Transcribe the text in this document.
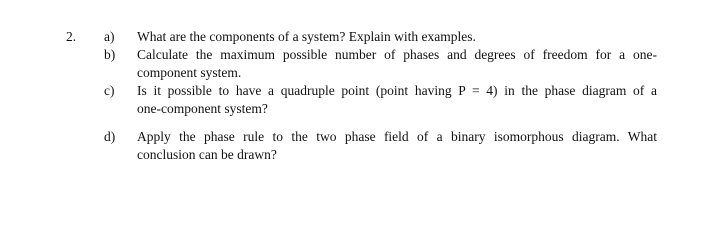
2. a) What are the components of a system? Explain with examples.
b) Calculate the maximum possible number of phases and degrees of freedom for a one-
component system.
c) Is it possible to have a quadruple point (point having P = 4) in the phase diagram of a
one-component system?
d) Apply the phase rule to the two phase field of a binary isomorphous diagram. What
conclusion can be drawn?
